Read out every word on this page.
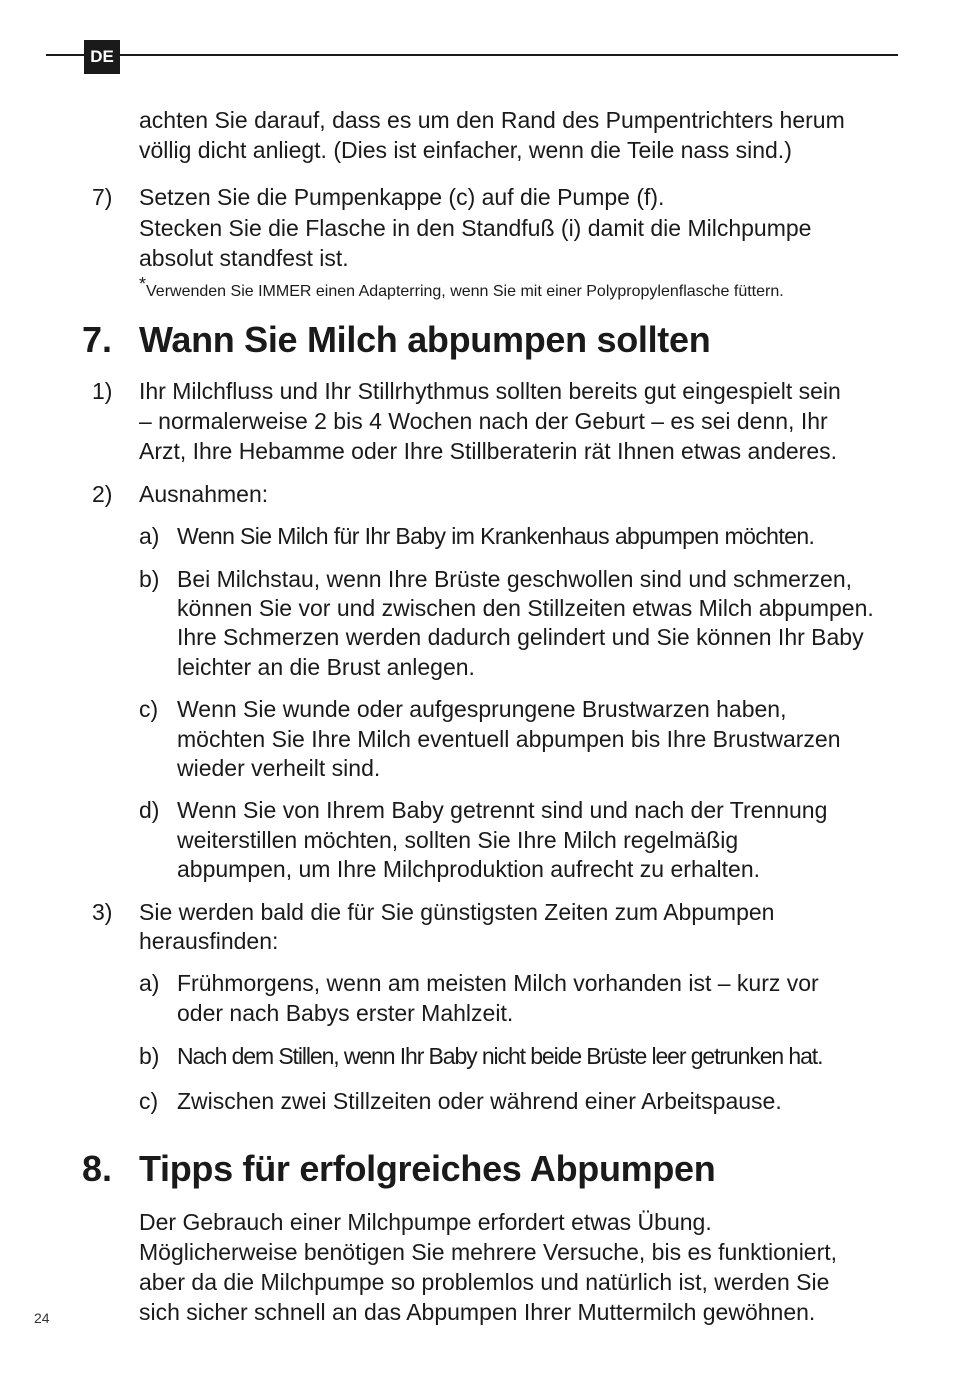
DE
achten Sie darauf, dass es um den Rand des Pumpentrichters herum
völlig dicht anliegt. (Dies ist einfacher, wenn die Teile nass sind.)
7) Setzen Sie die Pumpenkappe (c) auf die Pumpe (f).
Stecken Sie die Flasche in den Standfuß (i) damit die Milchpumpe
absolut standfest ist.
*Verwenden Sie IMMER einen Adapterring, wenn Sie mit einer Polypropylenflasche füttern.
7. Wann Sie Milch abpumpen sollten
1) Ihr Milchfluss und Ihr Stillrhythmus sollten bereits gut eingespielt sein
– normalerweise 2 bis 4 Wochen nach der Geburt – es sei denn, Ihr
Arzt, Ihre Hebamme oder Ihre Stillberaterin rät Ihnen etwas anderes.
2) Ausnahmen:
a) Wenn Sie Milch für Ihr Baby im Krankenhaus abpumpen möchten.
b) Bei Milchstau, wenn Ihre Brüste geschwollen sind und schmerzen,
können Sie vor und zwischen den Stillzeiten etwas Milch abpumpen.
Ihre Schmerzen werden dadurch gelindert und Sie können Ihr Baby
leichter an die Brust anlegen.
c) Wenn Sie wunde oder aufgesprungene Brustwarzen haben,
möchten Sie Ihre Milch eventuell abpumpen bis Ihre Brustwarzen
wieder verheilt sind.
d) Wenn Sie von Ihrem Baby getrennt sind und nach der Trennung
weiterstillen möchten, sollten Sie Ihre Milch regelmäßig
abpumpen, um Ihre Milchproduktion aufrecht zu erhalten.
3) Sie werden bald die für Sie günstigsten Zeiten zum Abpumpen
herausfinden:
a) Frühmorgens, wenn am meisten Milch vorhanden ist – kurz vor
oder nach Babys erster Mahlzeit.
b) Nach dem Stillen, wenn Ihr Baby nicht beide Brüste leer getrunken hat.
c) Zwischen zwei Stillzeiten oder während einer Arbeitspause.
8. Tipps für erfolgreiches Abpumpen
Der Gebrauch einer Milchpumpe erfordert etwas Übung.
Möglicherweise benötigen Sie mehrere Versuche, bis es funktioniert,
aber da die Milchpumpe so problemlos und natürlich ist, werden Sie
sich sicher schnell an das Abpumpen Ihrer Muttermilch gewöhnen.
24
